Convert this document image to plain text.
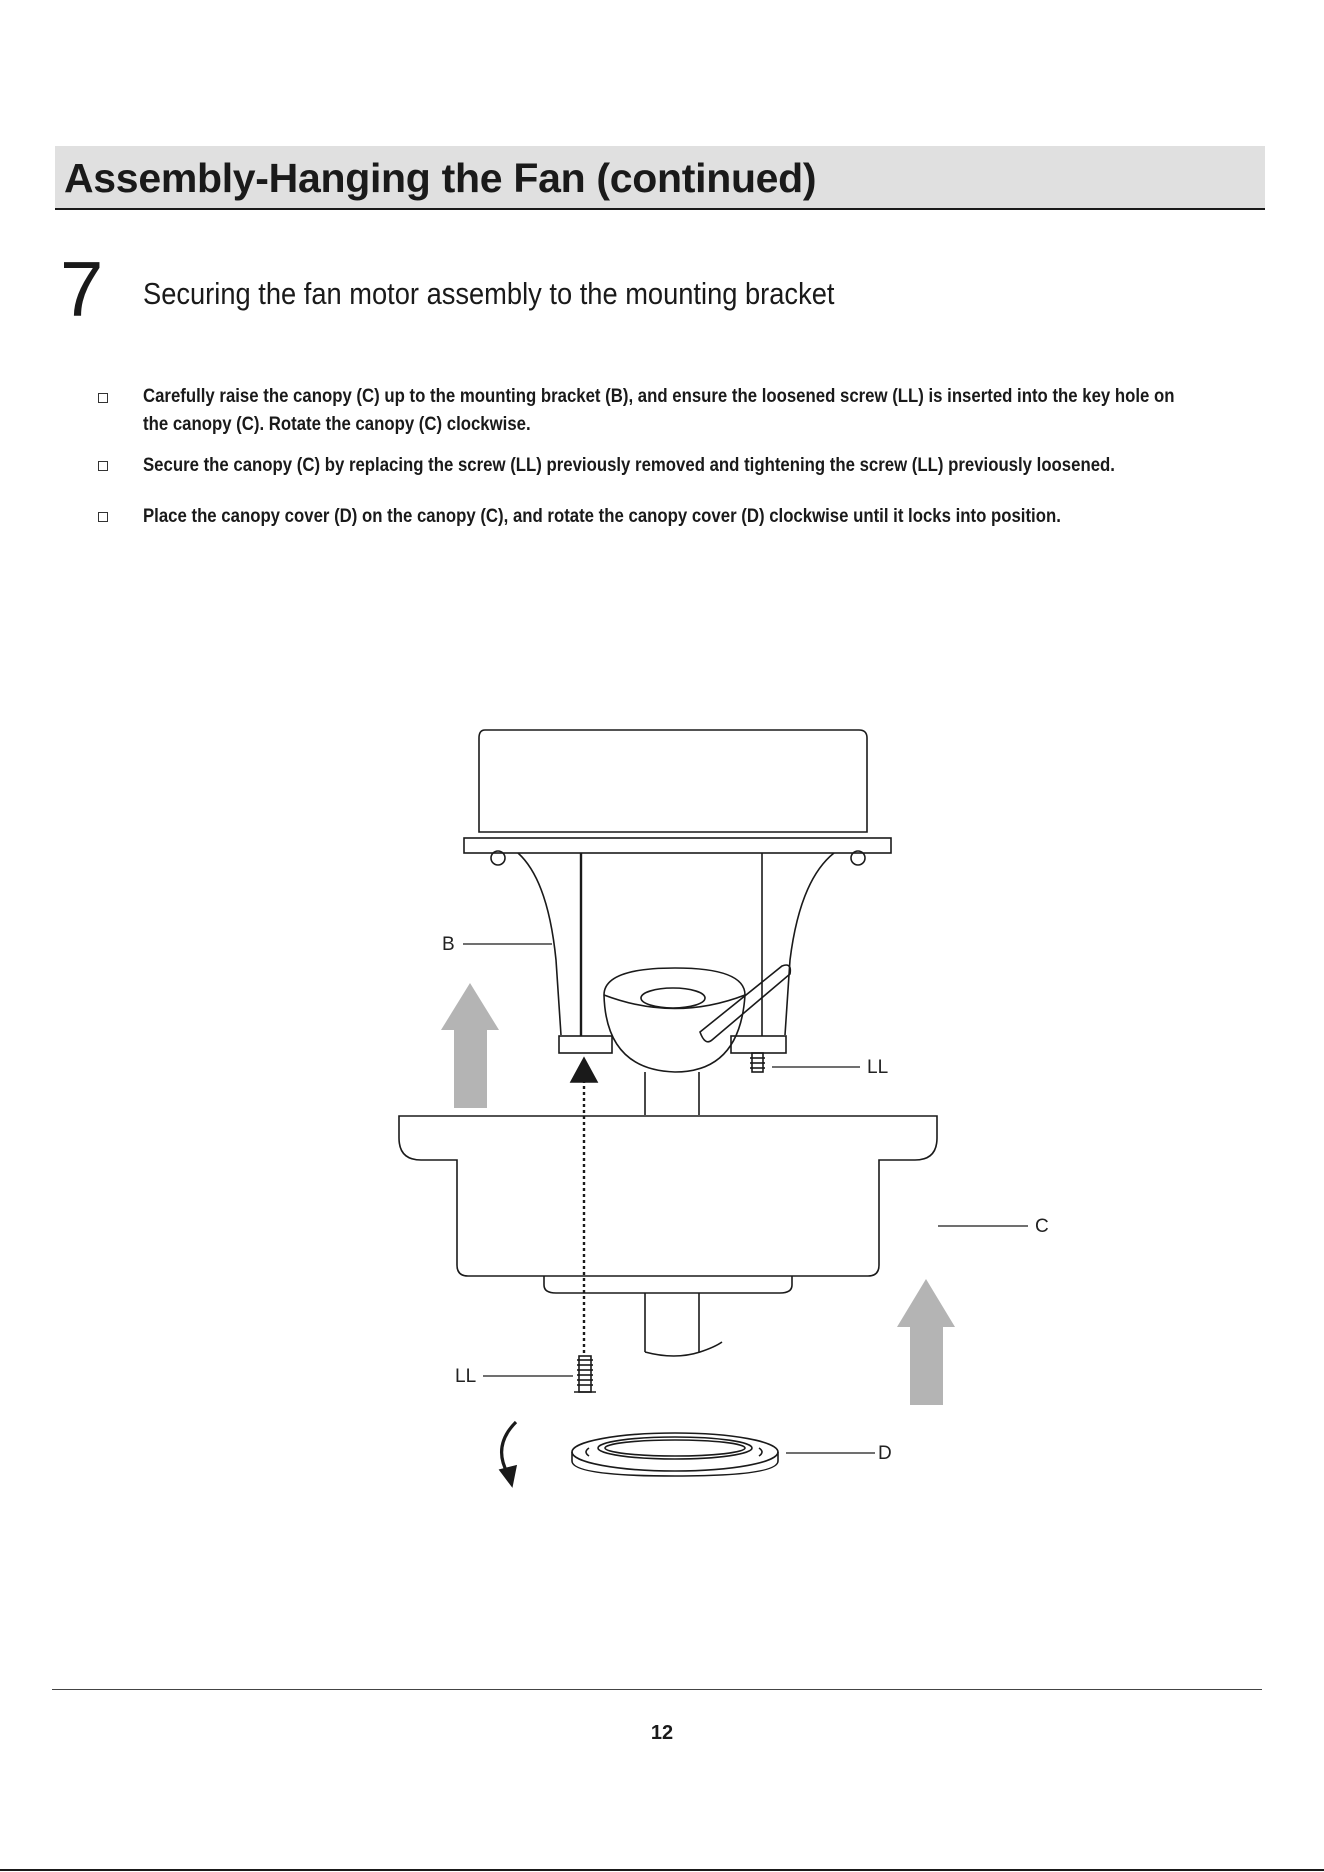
Assembly-Hanging the Fan (continued)
7 Securing the fan motor assembly to the mounting bracket
Carefully raise the canopy (C) up to the mounting bracket (B), and ensure the loosened screw (LL) is inserted into the key hole on
the canopy (C). Rotate the canopy (C) clockwise.
Secure the canopy (C) by replacing the screw (LL) previously removed and tightening the screw (LL) previously loosened.
Place the canopy cover (D) on the canopy (C), and rotate the canopy cover (D) clockwise until it locks into position.
B
LL
C
LL
D
12
